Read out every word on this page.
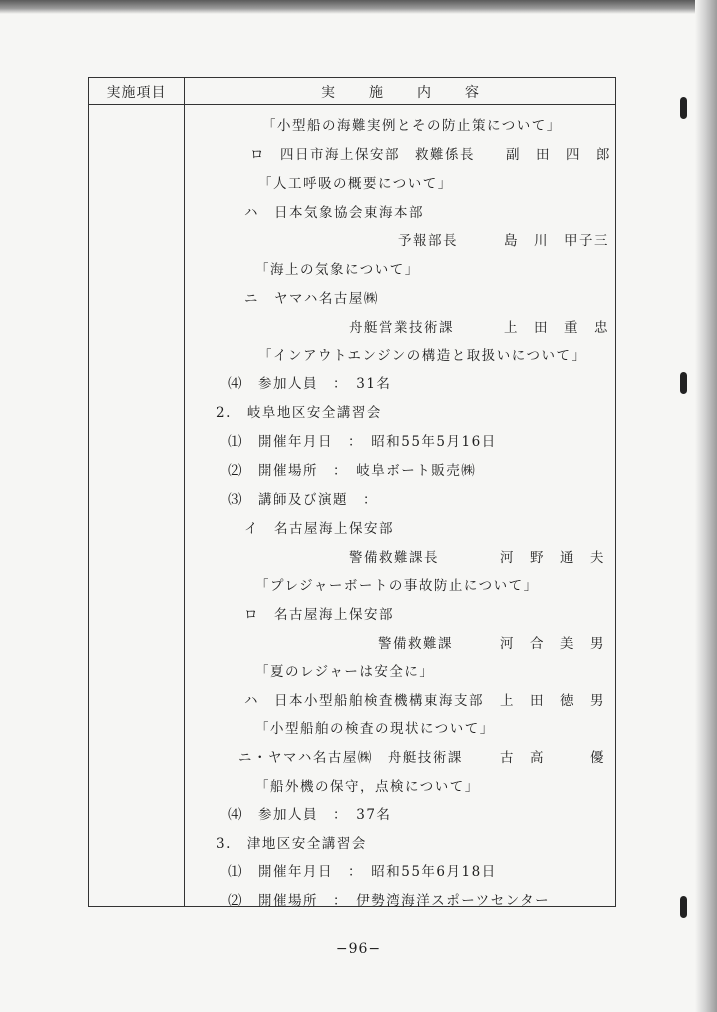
実施項目	実施内容
「小型船の海難実例とその防止策について」
ロ　四日市海上保安部　救難係長 副　田　四　郎
「人工呼吸の概要について」
ハ　日本気象協会東海本部
予報部長	島　川　甲子三
「海上の気象について」
ニ　ヤマハ名古屋㈱
舟艇営業技術課	上　田　重　忠
「インアウトエンジンの構造と取扱いについて」
⑷　参加人員　：　31名
2.　岐阜地区安全講習会
⑴　開催年月日　：　昭和55年5月16日
⑵　開催場所　：　岐阜ボート販売㈱
⑶　講師及び演題　：
イ　名古屋海上保安部
警備救難課長	河　野　通　夫
「プレジャーボートの事故防止について」
ロ　名古屋海上保安部
警備救難課	河　合　美　男
「夏のレジャーは安全に」
ハ　日本小型船舶検査機構東海支部 上　田　徳　男
「小型船舶の検査の現状について」
ニ・ヤマハ名古屋㈱　舟艇技術課	古　高　　　優
「船外機の保守，点検について」
⑷　参加人員　：　37名
3.　津地区安全講習会
⑴　開催年月日　：　昭和55年6月18日
⑵　開催場所　：　伊勢湾海洋スポーツセンター
−96−
